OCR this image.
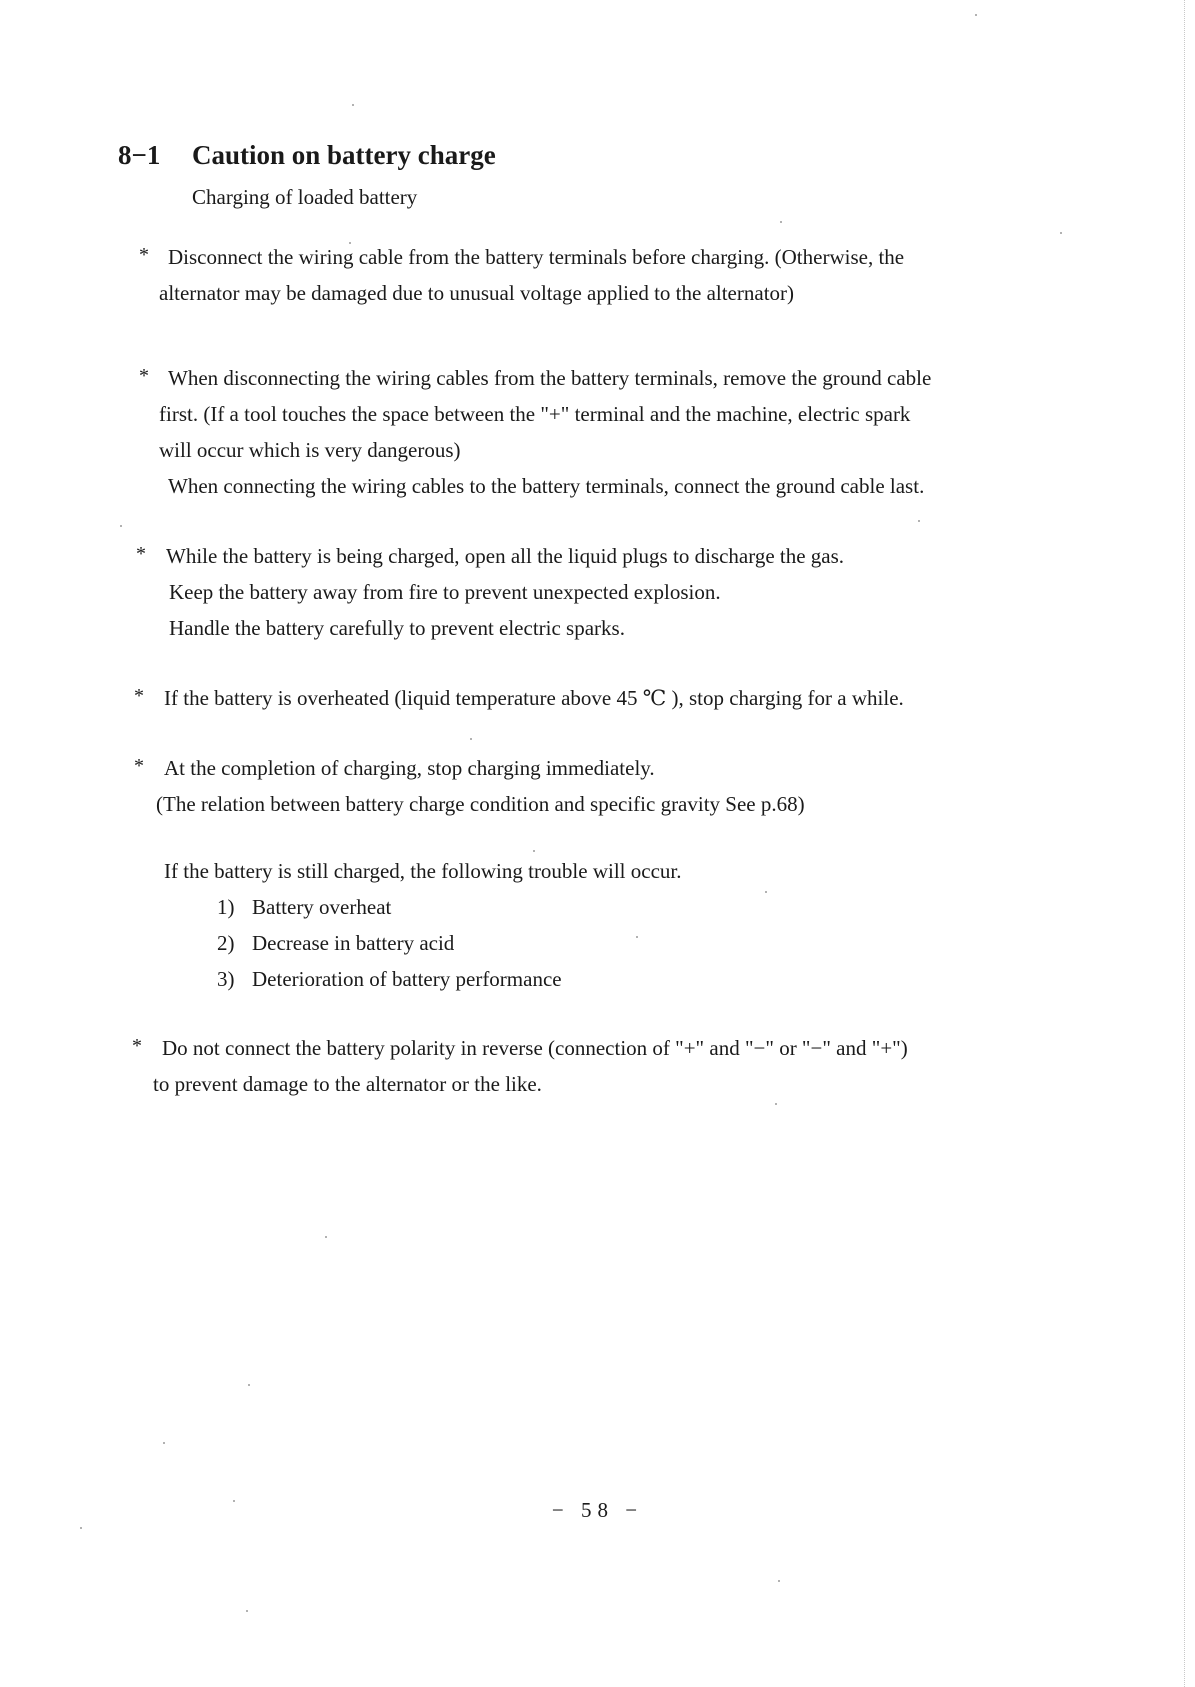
8−1 Caution on battery charge
Charging of loaded battery
* Disconnect the wiring cable from the battery terminals before charging. (Otherwise, the
alternator may be damaged due to unusual voltage applied to the alternator)
* When disconnecting the wiring cables from the battery terminals, remove the ground cable
first. (If a tool touches the space between the "+" terminal and the machine, electric spark
will occur which is very dangerous)
When connecting the wiring cables to the battery terminals, connect the ground cable last.
* While the battery is being charged, open all the liquid plugs to discharge the gas.
Keep the battery away from fire to prevent unexpected explosion.
Handle the battery carefully to prevent electric sparks.
* If the battery is overheated (liquid temperature above 45 ℃ ), stop charging for a while.
* At the completion of charging, stop charging immediately.
(The relation between battery charge condition and specific gravity See p.68)
If the battery is still charged, the following trouble will occur.
1) Battery overheat
2) Decrease in battery acid
3) Deterioration of battery performance
* Do not connect the battery polarity in reverse (connection of "+" and "−" or "−" and "+")
to prevent damage to the alternator or the like.
− 58 −
